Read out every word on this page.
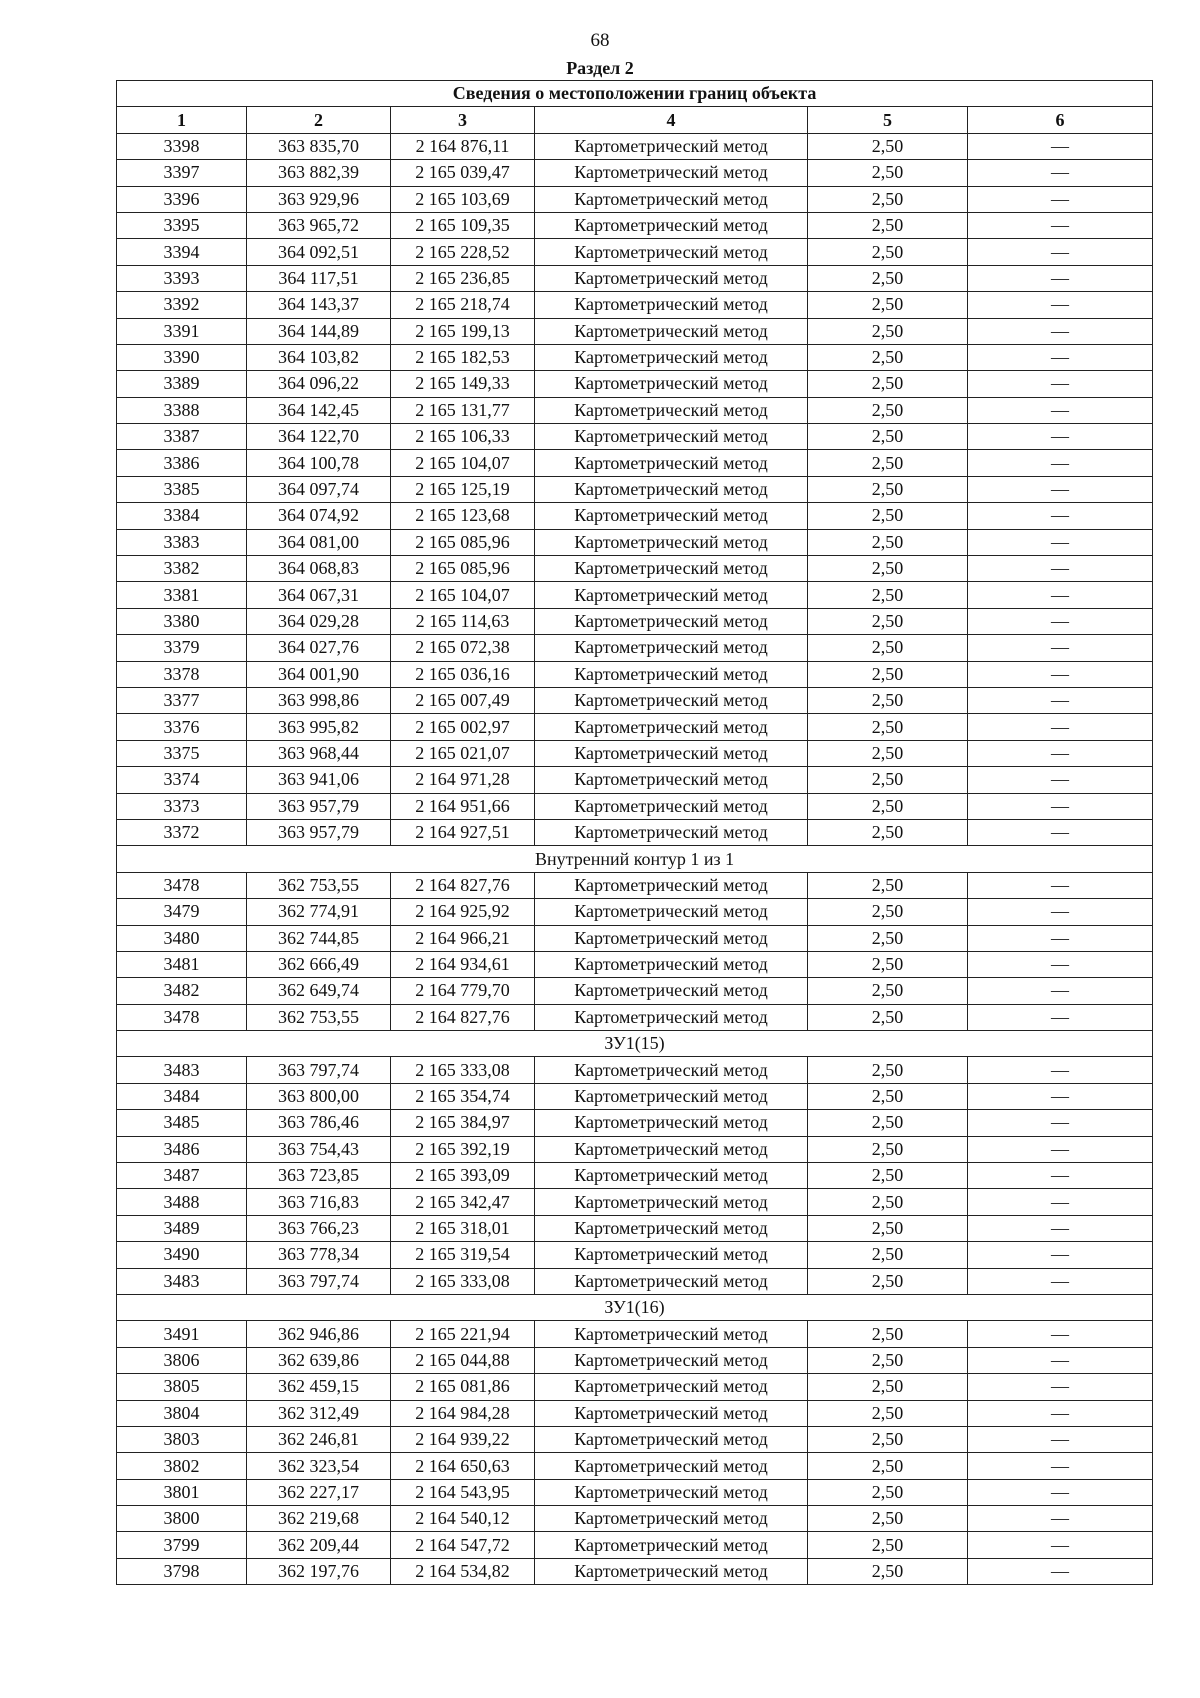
68
Раздел 2
Сведения о местоположении границ объекта					
1	2	3	4	5	6
3398	363 835,70	2 164 876,11	Картометрический метод	2,50	—
3397	363 882,39	2 165 039,47	Картометрический метод	2,50	—
3396	363 929,96	2 165 103,69	Картометрический метод	2,50	—
3395	363 965,72	2 165 109,35	Картометрический метод	2,50	—
3394	364 092,51	2 165 228,52	Картометрический метод	2,50	—
3393	364 117,51	2 165 236,85	Картометрический метод	2,50	—
3392	364 143,37	2 165 218,74	Картометрический метод	2,50	—
3391	364 144,89	2 165 199,13	Картометрический метод	2,50	—
3390	364 103,82	2 165 182,53	Картометрический метод	2,50	—
3389	364 096,22	2 165 149,33	Картометрический метод	2,50	—
3388	364 142,45	2 165 131,77	Картометрический метод	2,50	—
3387	364 122,70	2 165 106,33	Картометрический метод	2,50	—
3386	364 100,78	2 165 104,07	Картометрический метод	2,50	—
3385	364 097,74	2 165 125,19	Картометрический метод	2,50	—
3384	364 074,92	2 165 123,68	Картометрический метод	2,50	—
3383	364 081,00	2 165 085,96	Картометрический метод	2,50	—
3382	364 068,83	2 165 085,96	Картометрический метод	2,50	—
3381	364 067,31	2 165 104,07	Картометрический метод	2,50	—
3380	364 029,28	2 165 114,63	Картометрический метод	2,50	—
3379	364 027,76	2 165 072,38	Картометрический метод	2,50	—
3378	364 001,90	2 165 036,16	Картометрический метод	2,50	—
3377	363 998,86	2 165 007,49	Картометрический метод	2,50	—
3376	363 995,82	2 165 002,97	Картометрический метод	2,50	—
3375	363 968,44	2 165 021,07	Картометрический метод	2,50	—
3374	363 941,06	2 164 971,28	Картометрический метод	2,50	—
3373	363 957,79	2 164 951,66	Картометрический метод	2,50	—
3372	363 957,79	2 164 927,51	Картометрический метод	2,50	—
Внутренний контур 1 из 1					
3478	362 753,55	2 164 827,76	Картометрический метод	2,50	—
3479	362 774,91	2 164 925,92	Картометрический метод	2,50	—
3480	362 744,85	2 164 966,21	Картометрический метод	2,50	—
3481	362 666,49	2 164 934,61	Картометрический метод	2,50	—
3482	362 649,74	2 164 779,70	Картометрический метод	2,50	—
3478	362 753,55	2 164 827,76	Картометрический метод	2,50	—
ЗУ1(15)					
3483	363 797,74	2 165 333,08	Картометрический метод	2,50	—
3484	363 800,00	2 165 354,74	Картометрический метод	2,50	—
3485	363 786,46	2 165 384,97	Картометрический метод	2,50	—
3486	363 754,43	2 165 392,19	Картометрический метод	2,50	—
3487	363 723,85	2 165 393,09	Картометрический метод	2,50	—
3488	363 716,83	2 165 342,47	Картометрический метод	2,50	—
3489	363 766,23	2 165 318,01	Картометрический метод	2,50	—
3490	363 778,34	2 165 319,54	Картометрический метод	2,50	—
3483	363 797,74	2 165 333,08	Картометрический метод	2,50	—
ЗУ1(16)					
3491	362 946,86	2 165 221,94	Картометрический метод	2,50	—
3806	362 639,86	2 165 044,88	Картометрический метод	2,50	—
3805	362 459,15	2 165 081,86	Картометрический метод	2,50	—
3804	362 312,49	2 164 984,28	Картометрический метод	2,50	—
3803	362 246,81	2 164 939,22	Картометрический метод	2,50	—
3802	362 323,54	2 164 650,63	Картометрический метод	2,50	—
3801	362 227,17	2 164 543,95	Картометрический метод	2,50	—
3800	362 219,68	2 164 540,12	Картометрический метод	2,50	—
3799	362 209,44	2 164 547,72	Картометрический метод	2,50	—
3798	362 197,76	2 164 534,82	Картометрический метод	2,50	—
